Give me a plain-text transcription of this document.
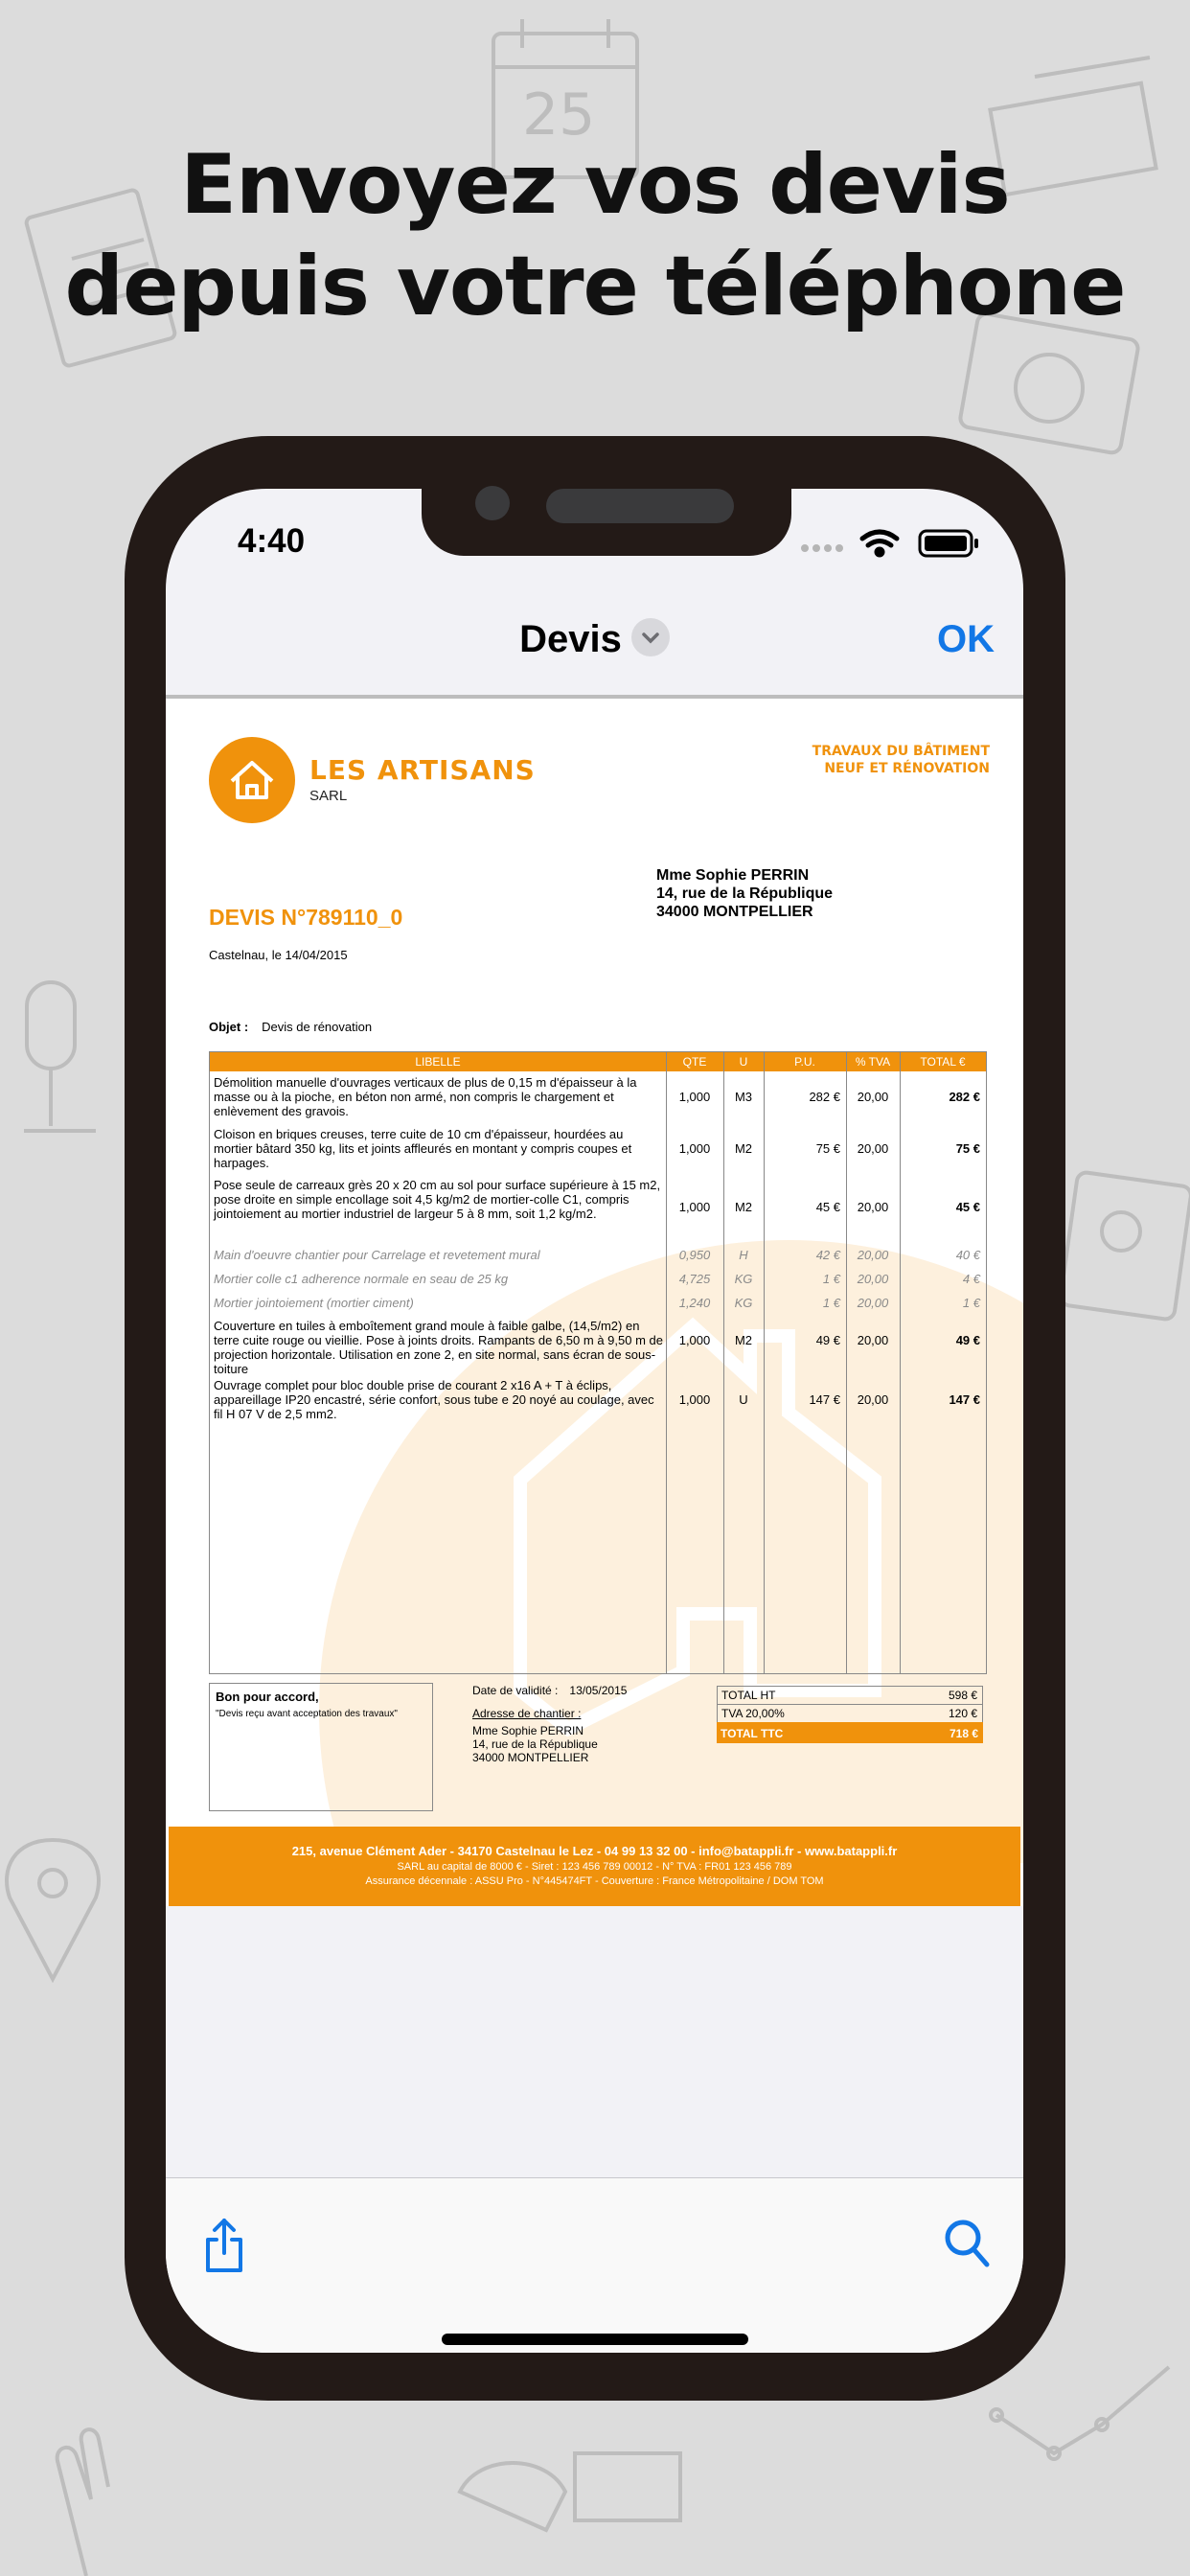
25
Envoyez vos devis
depuis votre téléphone
4:40
Devis	OK
LES ARTISANS
SARL
TRAVAUX DU BÂTIMENT
NEUF ET RÉNOVATION
Mme Sophie PERRIN
14, rue de la République
34000 MONTPELLIER
DEVIS N°789110_0
Castelnau, le 14/04/2015
Objet : Devis de rénovation
LIBELLE	QTE	U	P.U.	% TVA	TOTAL €
Démolition manuelle d'ouvrages verticaux de plus de 0,15 m d'épaisseur à la masse ou à la pioche, en béton non armé, non compris le chargement et enlèvement des gravois.
1,000	M3	282 €	20,00	282 €
Cloison en briques creuses, terre cuite de 10 cm d'épaisseur, hourdées au mortier bâtard 350 kg, lits et joints affleurés en montant y compris coupes et harpages.
1,000	M2	75 €	20,00	75 €
Pose seule de carreaux grès 20 x 20 cm au sol pour surface supérieure à 15 m2, pose droite en simple encollage soit 4,5 kg/m2 de mortier-colle C1, compris jointoiement au mortier industriel de largeur 5 à 8 mm, soit 1,2 kg/m2.	1,000	M2	45 €	20,00	45 €
Main d'oeuvre chantier pour Carrelage et revetement mural	0,950	H	42 €	20,00	40 €
Mortier colle c1 adherence normale en seau de 25 kg	4,725	KG	1 €	20,00	4 €
Mortier jointoiement (mortier ciment)	1,240	KG	1 €	20,00	1 €
Couverture en tuiles à emboîtement grand moule à faible galbe, (14,5/m2) en terre cuite rouge ou vieillie. Pose à joints droits. Rampants de 6,50 m à 9,50 m de projection horizontale. Utilisation en zone 2, en site normal, sans écran de sous-toiture
1,000	M2	49 €	20,00	49 €
Ouvrage complet pour bloc double prise de courant 2 x16 A + T à éclips, appareillage IP20 encastré, série confort, sous tube e 20 noyé au coulage, avec fil H 07 V de 2,5 mm2.
1,000	U	147 €	20,00	147 €
Bon pour accord,
"Devis reçu avant acceptation des travaux"
Date de validité : 13/05/2015
Adresse de chantier :
Mme Sophie PERRIN
14, rue de la République
34000 MONTPELLIER
TOTAL HT	598 €
TVA 20,00%	120 €
TOTAL TTC	718 €
215, avenue Clément Ader - 34170 Castelnau le Lez - 04 99 13 32 00 - info@batappli.fr - www.batappli.fr
SARL au capital de 8000 € - Siret : 123 456 789 00012 - N° TVA : FR01 123 456 789
Assurance décennale : ASSU Pro - N°445474FT - Couverture : France Métropolitaine / DOM TOM
